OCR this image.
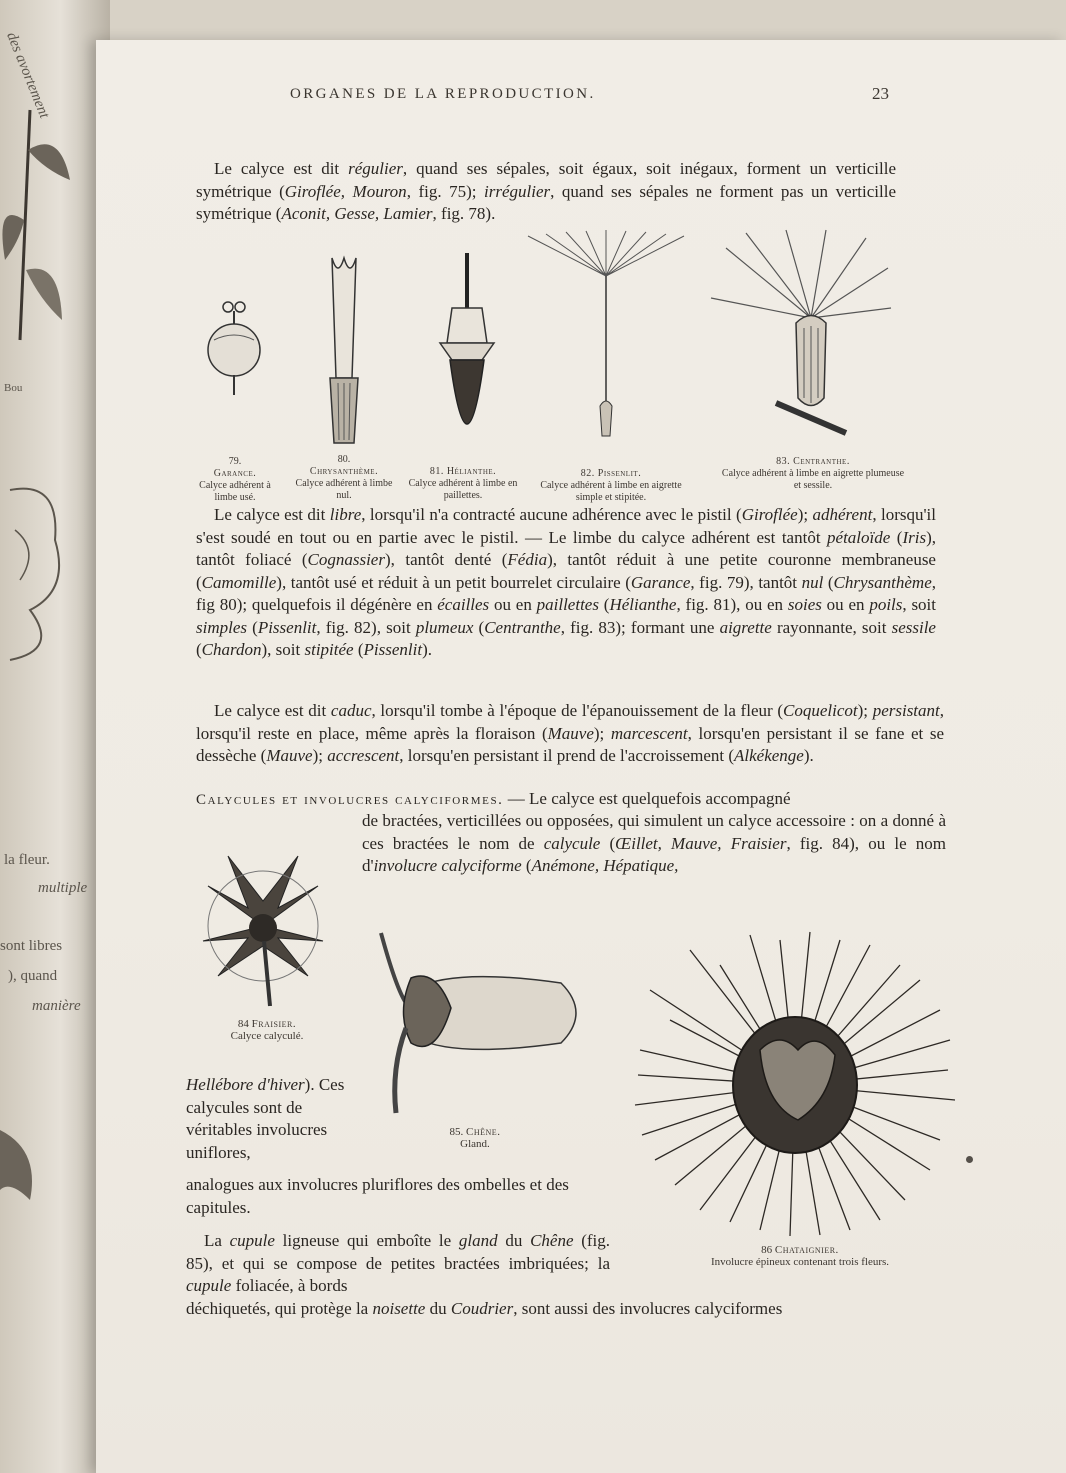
des avortement
Bou
la fleur.
multiple
sont libres
), quand
manière
ORGANES DE LA REPRODUCTION.	23
Le calyce est dit régulier, quand ses sépales, soit égaux, soit inégaux, forment un verticille symétrique (Giroflée, Mouron, fig. 75); irrégulier, quand ses sépales ne forment pas un verticille symétrique (Aconit, Gesse, Lamier, fig. 78).
79.
Garance.
Calyce adhérent à limbe usé.
80.
Chrysanthème.
Calyce adhérent à limbe nul.
81. Hélianthe.
Calyce adhérent à limbe en paillettes.
82. Pissenlit.
Calyce adhérent à limbe en aigrette simple et stipitée.
83. Centranthe.
Calyce adhérent à limbe en aigrette plumeuse et sessile.
Le calyce est dit libre, lorsqu'il n'a contracté aucune adhérence avec le pistil (Giroflée); adhérent, lorsqu'il s'est soudé en tout ou en partie avec le pistil. — Le limbe du calyce adhérent est tantôt pétaloïde (Iris), tantôt foliacé (Cognassier), tantôt denté (Fédia), tantôt réduit à une petite couronne membraneuse (Camomille), tantôt usé et réduit à un petit bourrelet circulaire (Garance, fig. 79), tantôt nul (Chrysanthème, fig 80); quelquefois il dégénère en écailles ou en paillettes (Hélianthe, fig. 81), ou en soies ou en poils, soit simples (Pissenlit, fig. 82), soit plumeux (Centranthe, fig. 83); formant une aigrette rayonnante, soit sessile (Chardon), soit stipitée (Pissenlit).
Le calyce est dit caduc, lorsqu'il tombe à l'époque de l'épanouissement de la fleur (Coquelicot); persistant, lorsqu'il reste en place, même après la floraison (Mauve); marcescent, lorsqu'en persistant il se fane et se dessèche (Mauve); accrescent, lorsqu'en persistant il prend de l'accroissement (Alkékenge).
Calycules et involucres calyciformes. — Le calyce est quelquefois accompagné
de bractées, verticillées ou opposées, qui simulent un calyce accessoire : on a donné à ces bractées le nom de calycule (Œillet, Mauve, Fraisier, fig. 84), ou le nom d'involucre calyciforme (Anémone, Hépatique,
84 Fraisier.
Calyce calyculé.
85. Chêne.
Gland.
86 Chataignier.
Involucre épineux contenant trois fleurs.
Hellébore d'hiver). Ces calycules sont de véritables involucres uniflores,
analogues aux involucres pluriflores des ombelles et des capitules.
La cupule ligneuse qui emboîte le gland du Chêne (fig. 85), et qui se compose de petites bractées imbriquées; la cupule foliacée, à bords
déchiquetés, qui protège la noisette du Coudrier, sont aussi des involucres calyciformes
